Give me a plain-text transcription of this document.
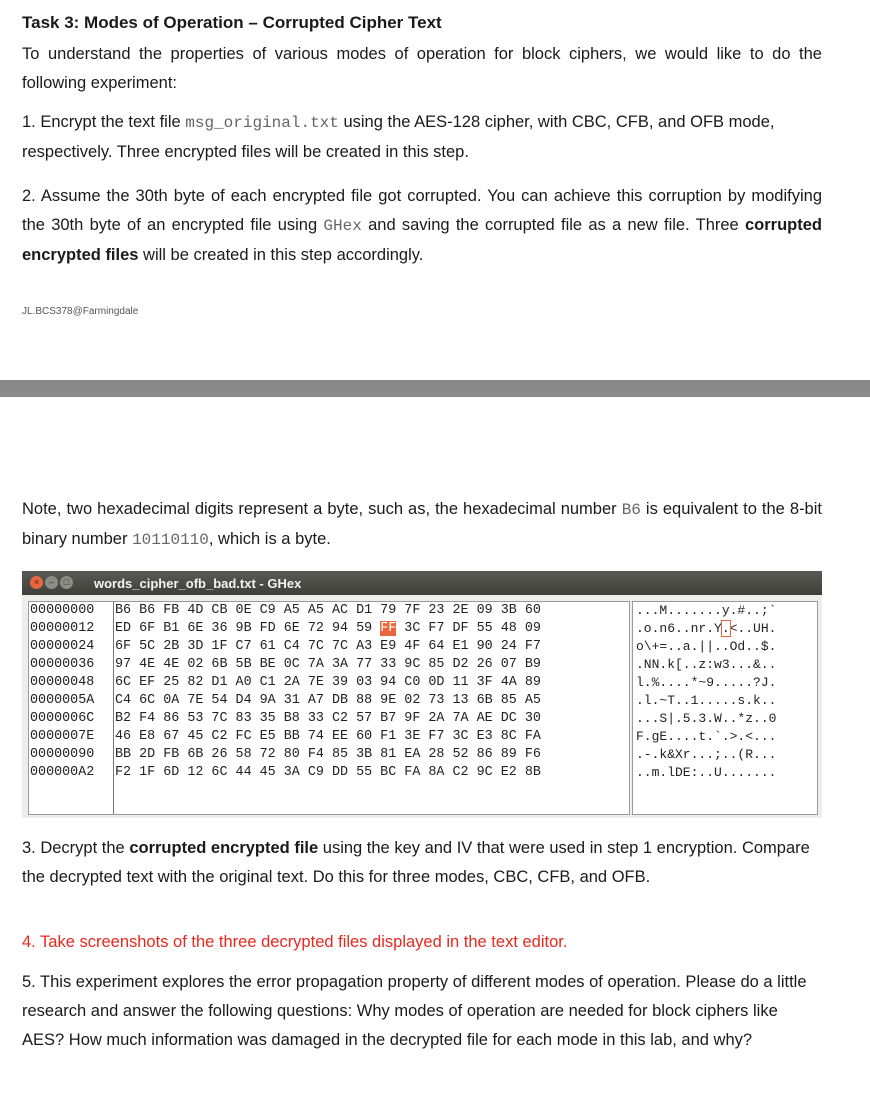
Task 3: Modes of Operation – Corrupted Cipher Text

To understand the properties of various modes of operation for block ciphers, we would like to do the following experiment:

1. Encrypt the text file msg_original.txt using the AES-128 cipher, with CBC, CFB, and OFB mode, respectively. Three encrypted files will be created in this step.

2. Assume the 30th byte of each encrypted file got corrupted. You can achieve this corruption by modifying the 30th byte of an encrypted file using GHex and saving the corrupted file as a new file. Three corrupted encrypted files will be created in this step accordingly.

JL.BCS378@Farmingdale

Note, two hexadecimal digits represent a byte, such as, the hexadecimal number B6 is equivalent to the 8-bit binary number 10110110, which is a byte.

×	–	□ words_cipher_ofb_bad.txt - GHex
00000000
00000012
00000024
00000036
00000048
0000005A
0000006C
0000007E
00000090
000000A2
B6 B6 FB 4D CB 0E C9 A5 A5 AC D1 79 7F 23 2E 09 3B 60
ED 6F B1 6E 36 9B FD 6E 72 94 59 FF 3C F7 DF 55 48 09
6F 5C 2B 3D 1F C7 61 C4 7C 7C A3 E9 4F 64 E1 90 24 F7
97 4E 4E 02 6B 5B BE 0C 7A 3A 77 33 9C 85 D2 26 07 B9
6C EF 25 82 D1 A0 C1 2A 7E 39 03 94 C0 0D 11 3F 4A 89
C4 6C 0A 7E 54 D4 9A 31 A7 DB 88 9E 02 73 13 6B 85 A5
B2 F4 86 53 7C 83 35 B8 33 C2 57 B7 9F 2A 7A AE DC 30
46 E8 67 45 C2 FC E5 BB 74 EE 60 F1 3E F7 3C E3 8C FA
BB 2D FB 6B 26 58 72 80 F4 85 3B 81 EA 28 52 86 89 F6
F2 1F 6D 12 6C 44 45 3A C9 DD 55 BC FA 8A C2 9C E2 8B
...M.......y.#..;`
.o.n6..nr.Y.<..UH.
o\+=..a.||..Od..$.
.NN.k[..z:w3...&..
l.%....*~9.....?J.
.l.~T..1.....s.k..
...S|.5.3.W..*z..0
F.gE....t.`.>.<...
.-.k&Xr...;..(R...
..m.lDE:..U.......

3. Decrypt the corrupted encrypted file using the key and IV that were used in step 1 encryption. Compare the decrypted text with the original text. Do this for three modes, CBC, CFB, and OFB.

4. Take screenshots of the three decrypted files displayed in the text editor.

5. This experiment explores the error propagation property of different modes of operation. Please do a little research and answer the following questions: Why modes of operation are needed for block ciphers like AES? How much information was damaged in the decrypted file for each mode in this lab, and why?
